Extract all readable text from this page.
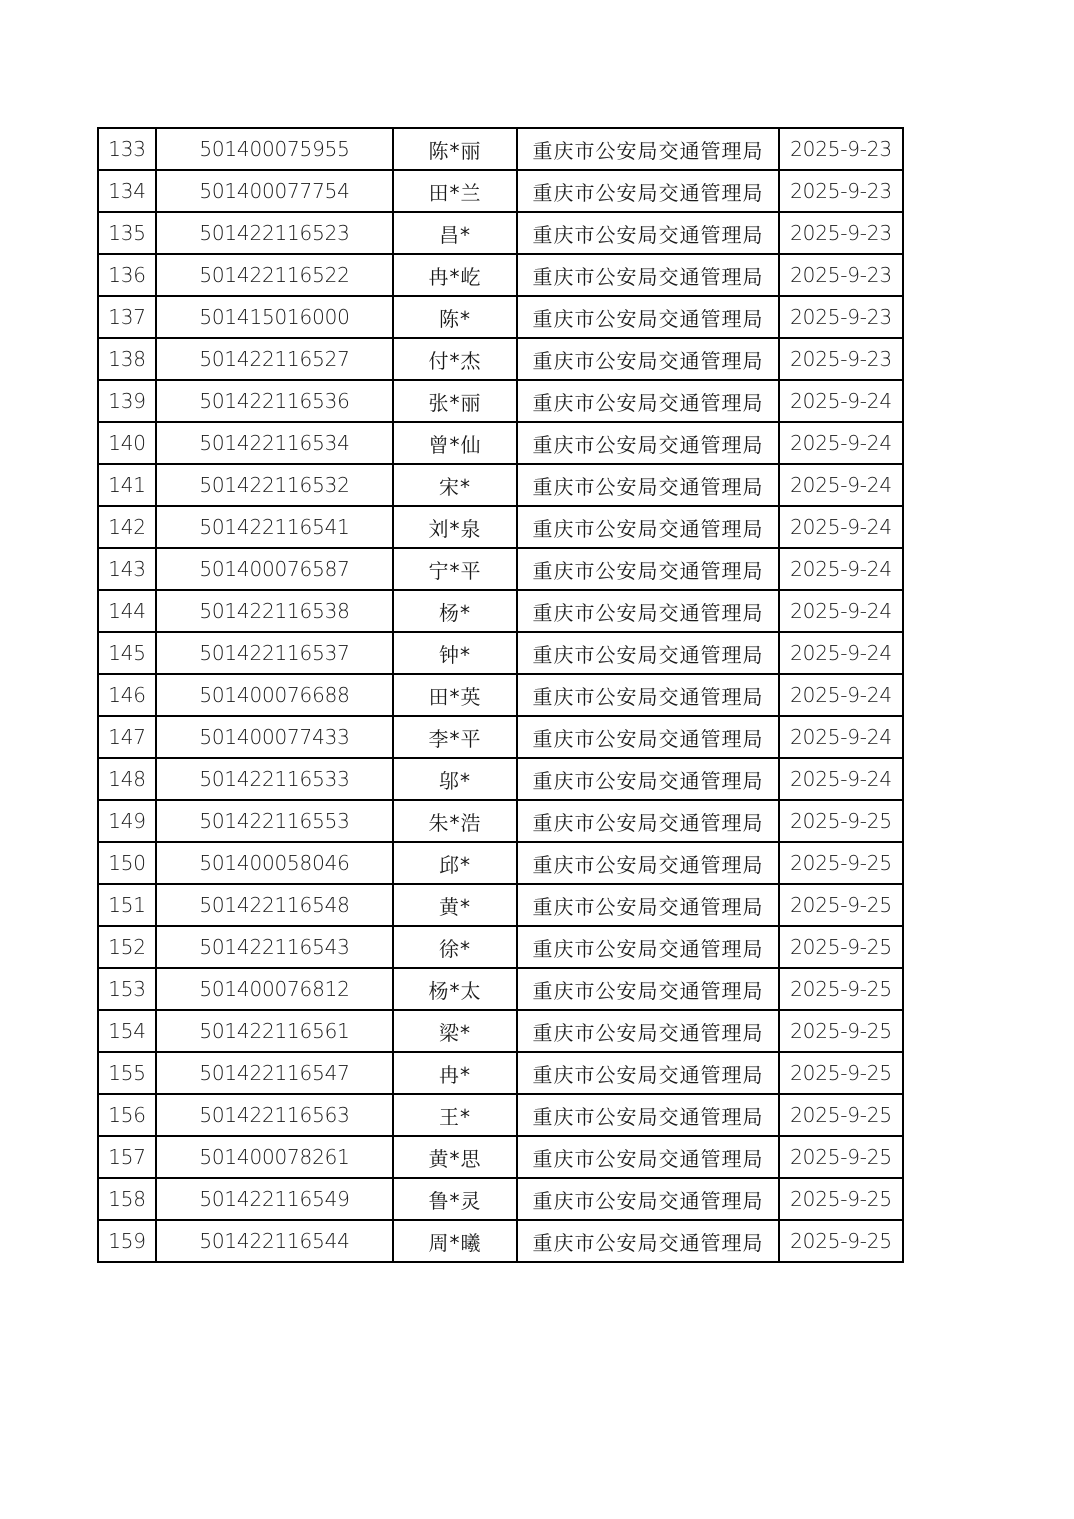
133	501400075955	陈*丽	重庆市公安局交通管理局	2025-9-23
134	501400077754	田*兰	重庆市公安局交通管理局	2025-9-23
135	501422116523	昌*	重庆市公安局交通管理局	2025-9-23
136	501422116522	冉*屹	重庆市公安局交通管理局	2025-9-23
137	501415016000	陈*	重庆市公安局交通管理局	2025-9-23
138	501422116527	付*杰	重庆市公安局交通管理局	2025-9-23
139	501422116536	张*丽	重庆市公安局交通管理局	2025-9-24
140	501422116534	曾*仙	重庆市公安局交通管理局	2025-9-24
141	501422116532	宋*	重庆市公安局交通管理局	2025-9-24
142	501422116541	刘*泉	重庆市公安局交通管理局	2025-9-24
143	501400076587	宁*平	重庆市公安局交通管理局	2025-9-24
144	501422116538	杨*	重庆市公安局交通管理局	2025-9-24
145	501422116537	钟*	重庆市公安局交通管理局	2025-9-24
146	501400076688	田*英	重庆市公安局交通管理局	2025-9-24
147	501400077433	李*平	重庆市公安局交通管理局	2025-9-24
148	501422116533	邬*	重庆市公安局交通管理局	2025-9-24
149	501422116553	朱*浩	重庆市公安局交通管理局	2025-9-25
150	501400058046	邱*	重庆市公安局交通管理局	2025-9-25
151	501422116548	黄*	重庆市公安局交通管理局	2025-9-25
152	501422116543	徐*	重庆市公安局交通管理局	2025-9-25
153	501400076812	杨*太	重庆市公安局交通管理局	2025-9-25
154	501422116561	梁*	重庆市公安局交通管理局	2025-9-25
155	501422116547	冉*	重庆市公安局交通管理局	2025-9-25
156	501422116563	王*	重庆市公安局交通管理局	2025-9-25
157	501400078261	黄*思	重庆市公安局交通管理局	2025-9-25
158	501422116549	鲁*灵	重庆市公安局交通管理局	2025-9-25
159	501422116544	周*曦	重庆市公安局交通管理局	2025-9-25
